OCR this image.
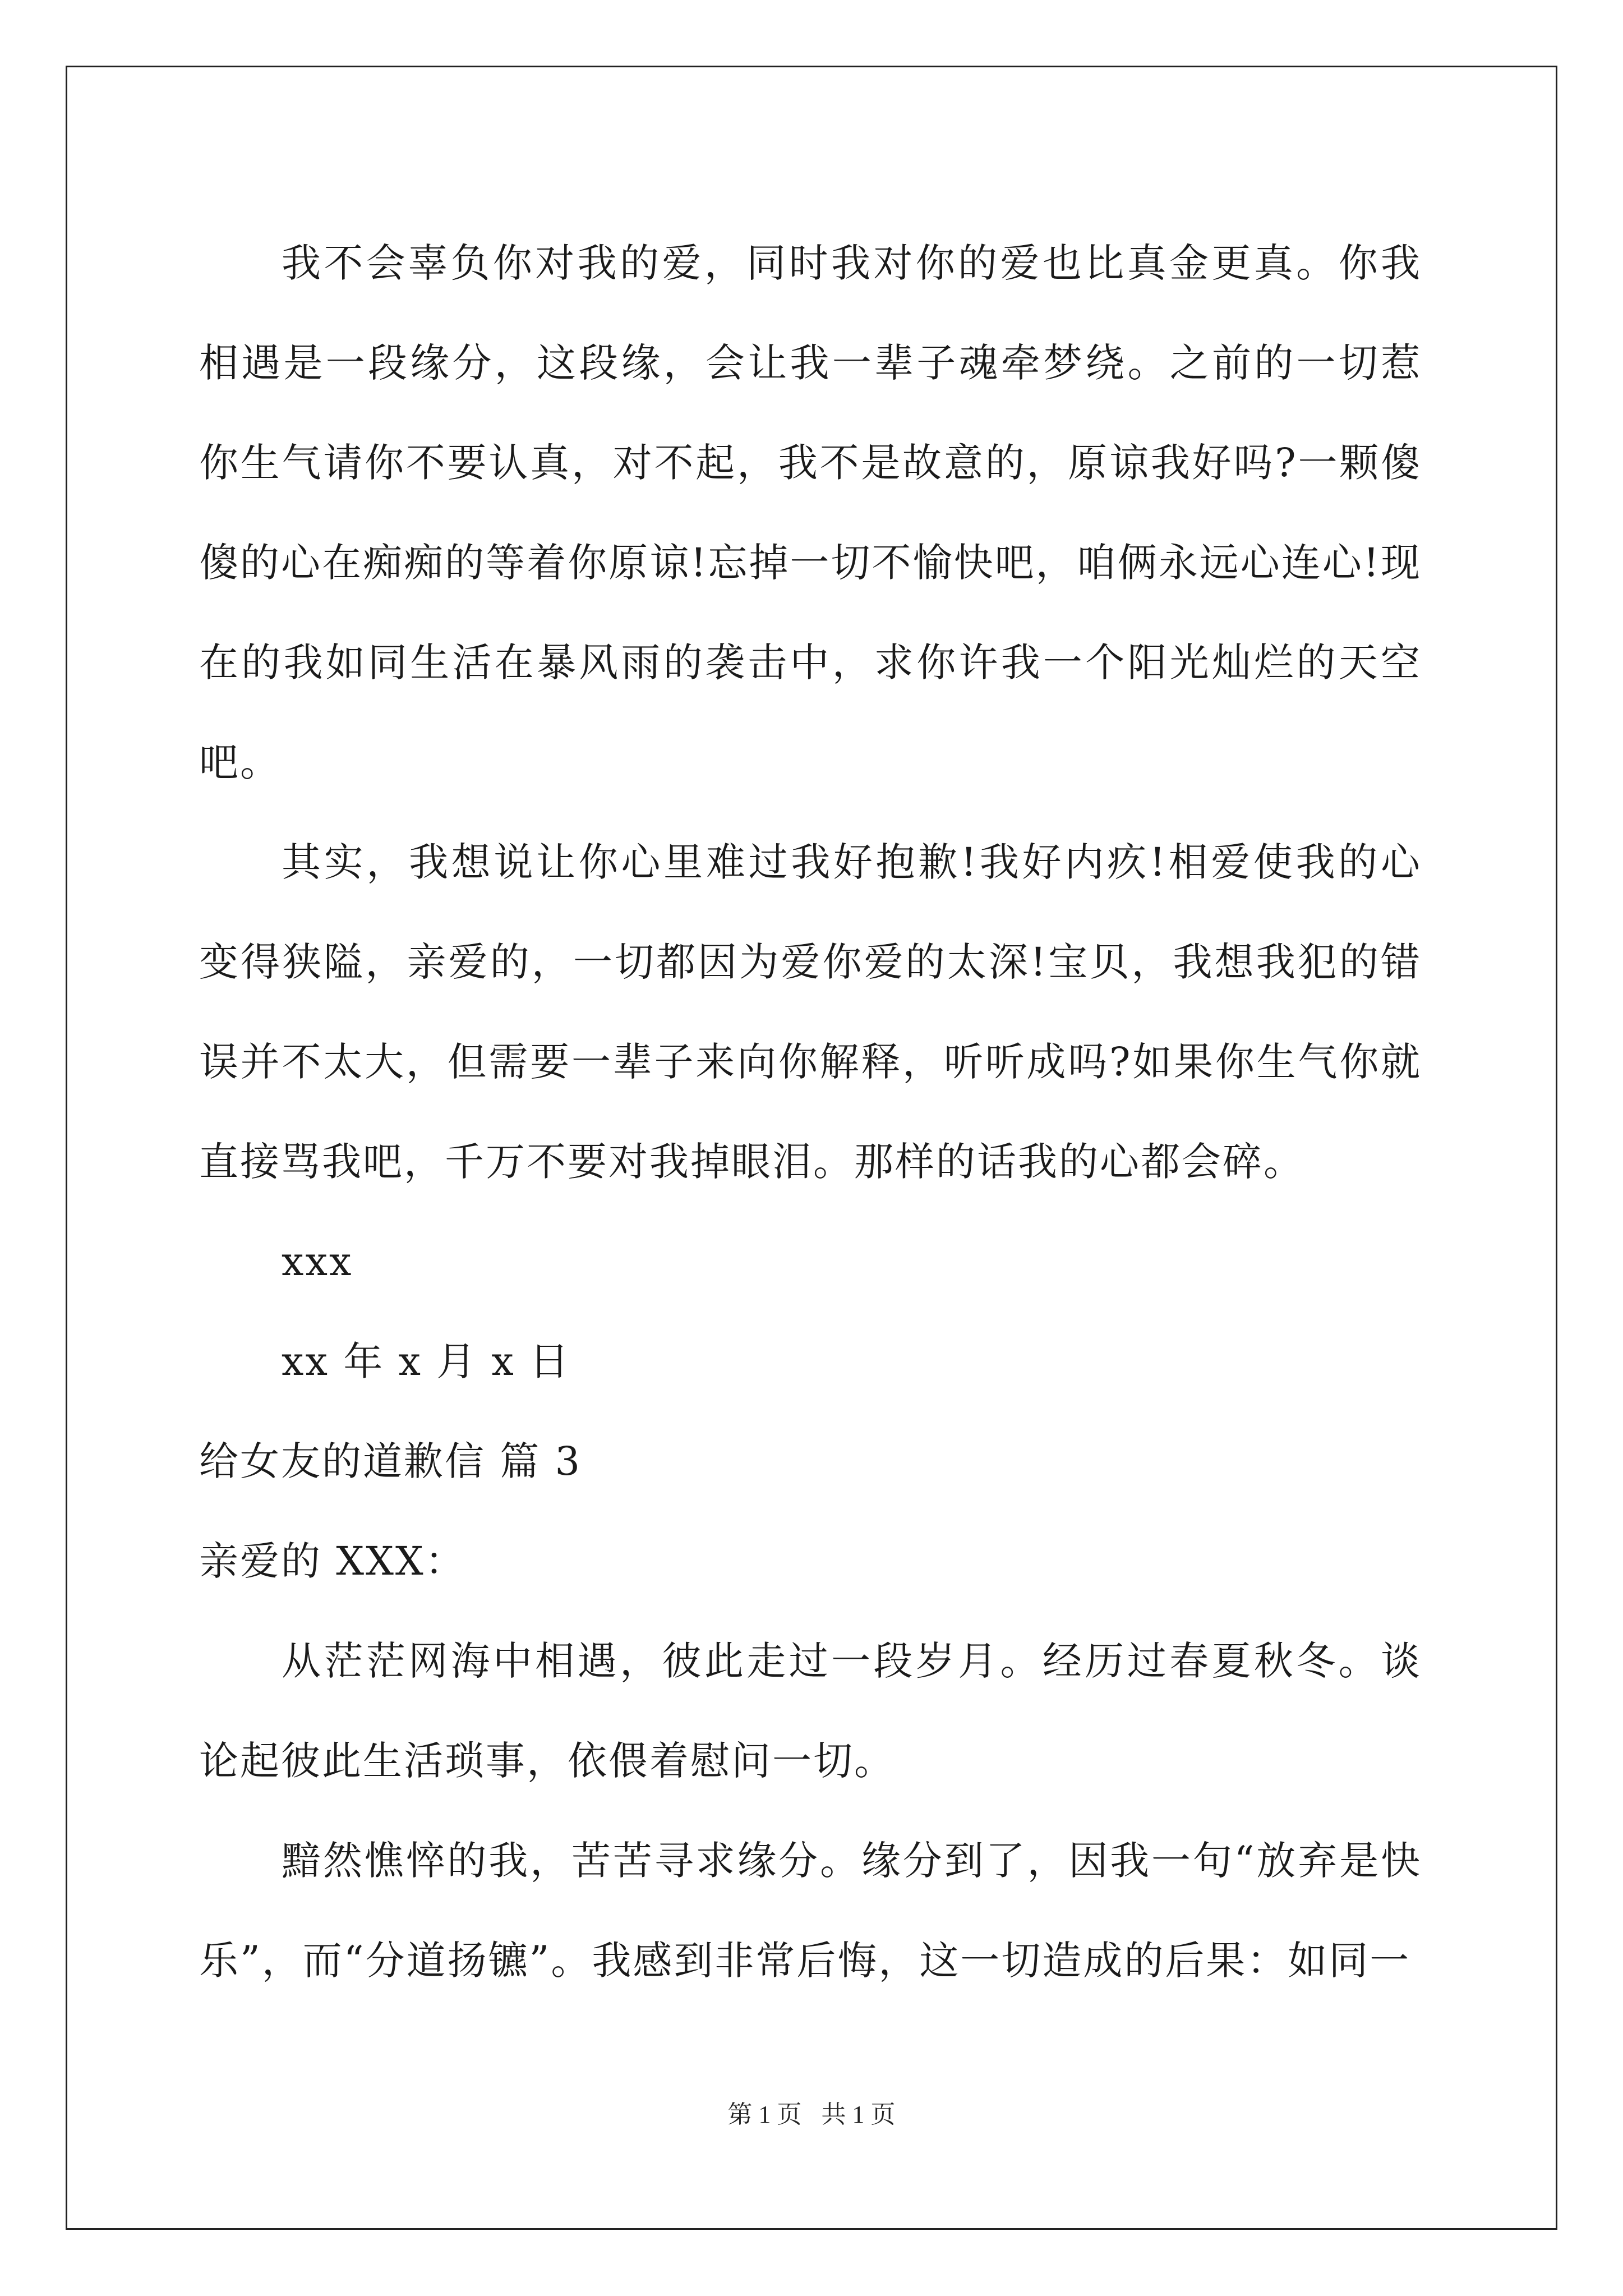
我不会辜负你对我的爱，同时我对你的爱也比真金更真。你我相遇是一段缘分，这段缘，会让我一辈子魂牵梦绕。之前的一切惹你生气请你不要认真，对不起，我不是故意的，原谅我好吗?一颗傻傻的心在痴痴的等着你原谅!忘掉一切不愉快吧，咱俩永远心连心!现在的我如同生活在暴风雨的袭击中，求你许我一个阳光灿烂的天空吧。

其实，我想说让你心里难过我好抱歉!我好内疚!相爱使我的心变得狭隘，亲爱的，一切都因为爱你爱的太深!宝贝，我想我犯的错误并不太大，但需要一辈子来向你解释，听听成吗?如果你生气你就直接骂我吧，千万不要对我掉眼泪。那样的话我的心都会碎。

xxx

xx 年 x 月 x 日

给女友的道歉信 篇 3

亲爱的 XXX：

从茫茫网海中相遇，彼此走过一段岁月。经历过春夏秋冬。谈论起彼此生活琐事，依偎着慰问一切。

黯然憔悴的我，苦苦寻求缘分。缘分到了，因我一句“放弃是快乐”，而“分道扬镳”。我感到非常后悔，这一切造成的后果：如同一

第 1 页 共 1 页
